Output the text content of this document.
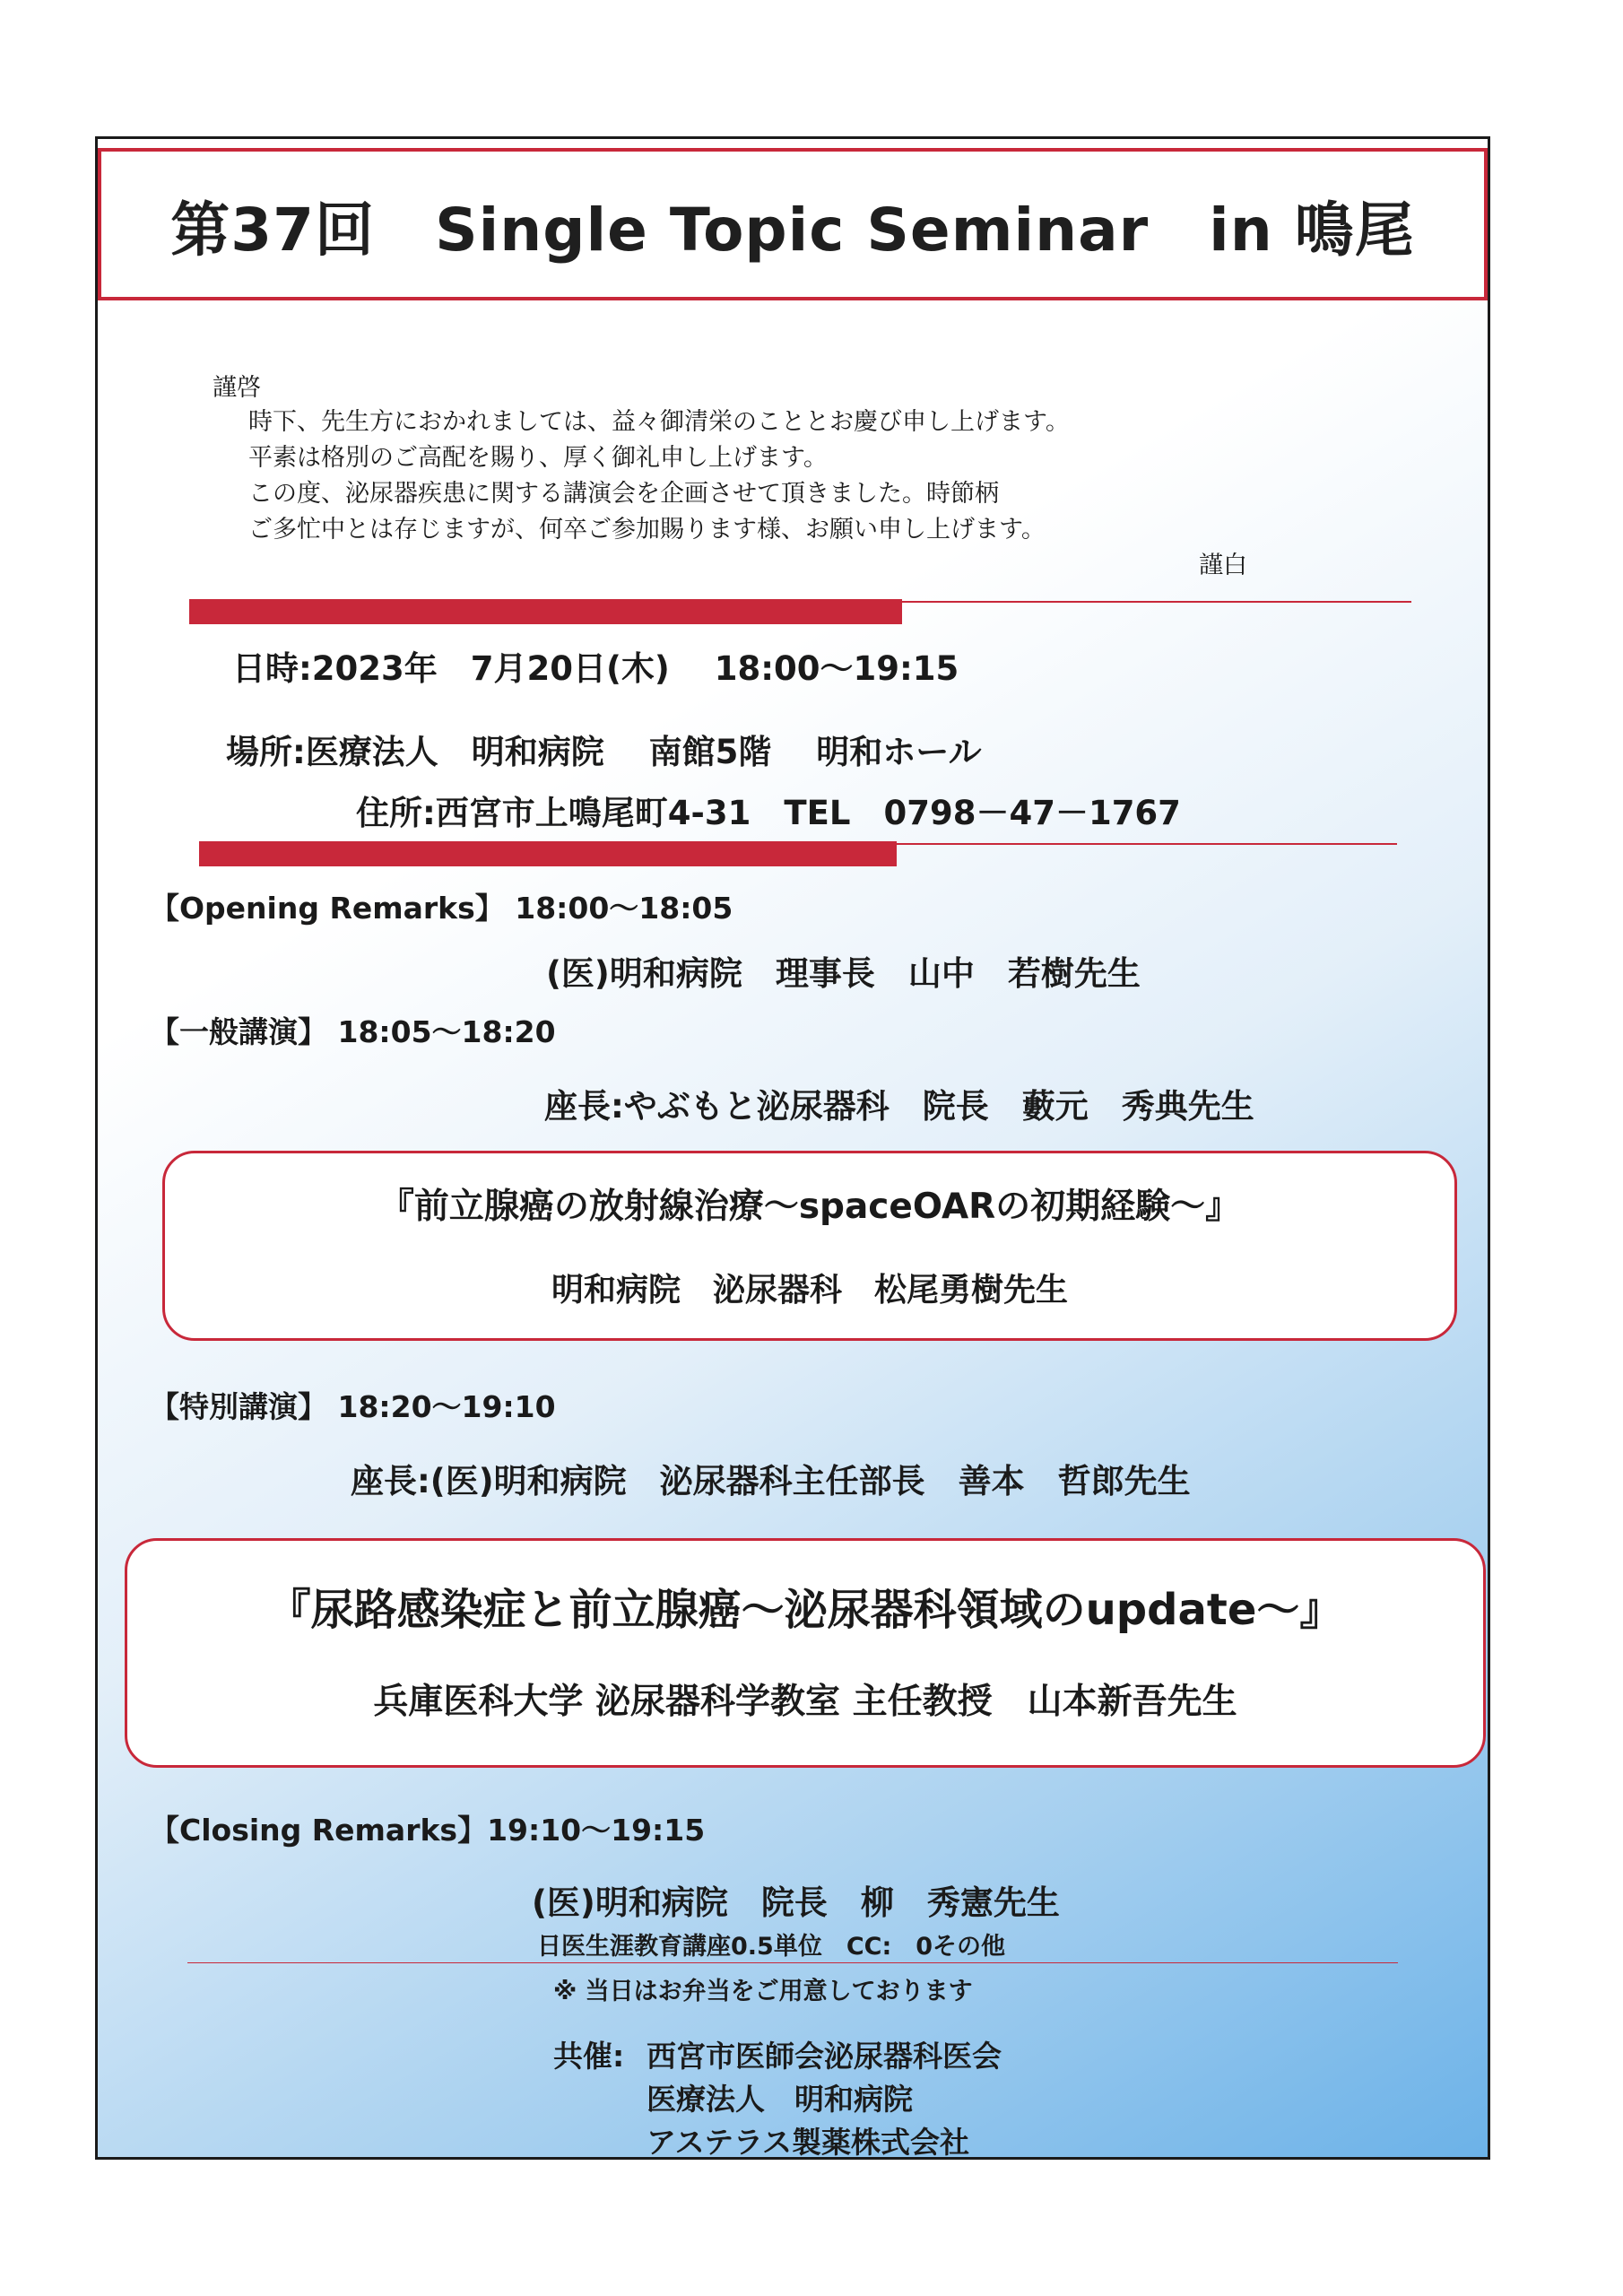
第37回　Single Topic Seminar　in 鳴尾
謹啓
時下、先生方におかれましては、益々御清栄のこととお慶び申し上げます。
平素は格別のご高配を賜り、厚く御礼申し上げます。
この度、泌尿器疾患に関する講演会を企画させて頂きました。時節柄
ご多忙中とは存じますが、何卒ご参加賜ります様、お願い申し上げます。
謹白
日時:2023年　7月20日(木)　 18:00～19:15
場所:医療法人　明和病院　 南館5階　 明和ホール
住所:西宮市上鳴尾町4-31　TEL　0798－47－1767
【Opening Remarks】 18:00～18:05
(医)明和病院　理事長　山中　若樹先生
【一般講演】 18:05～18:20
座長:やぶもと泌尿器科　院長　藪元　秀典先生
『前立腺癌の放射線治療～spaceOARの初期経験～』
明和病院　泌尿器科　松尾勇樹先生
【特別講演】 18:20～19:10
座長:(医)明和病院　泌尿器科主任部長　善本　哲郎先生
『尿路感染症と前立腺癌～泌尿器科領域のupdate～』
兵庫医科大学 泌尿器科学教室 主任教授　山本新吾先生
【Closing Remarks】19:10～19:15
(医)明和病院　院長　柳　秀憲先生
日医生涯教育講座0.5単位　CC:　0その他
※ 当日はお弁当をご用意しております
共催: 西宮市医師会泌尿器科医会
医療法人　明和病院
アステラス製薬株式会社
